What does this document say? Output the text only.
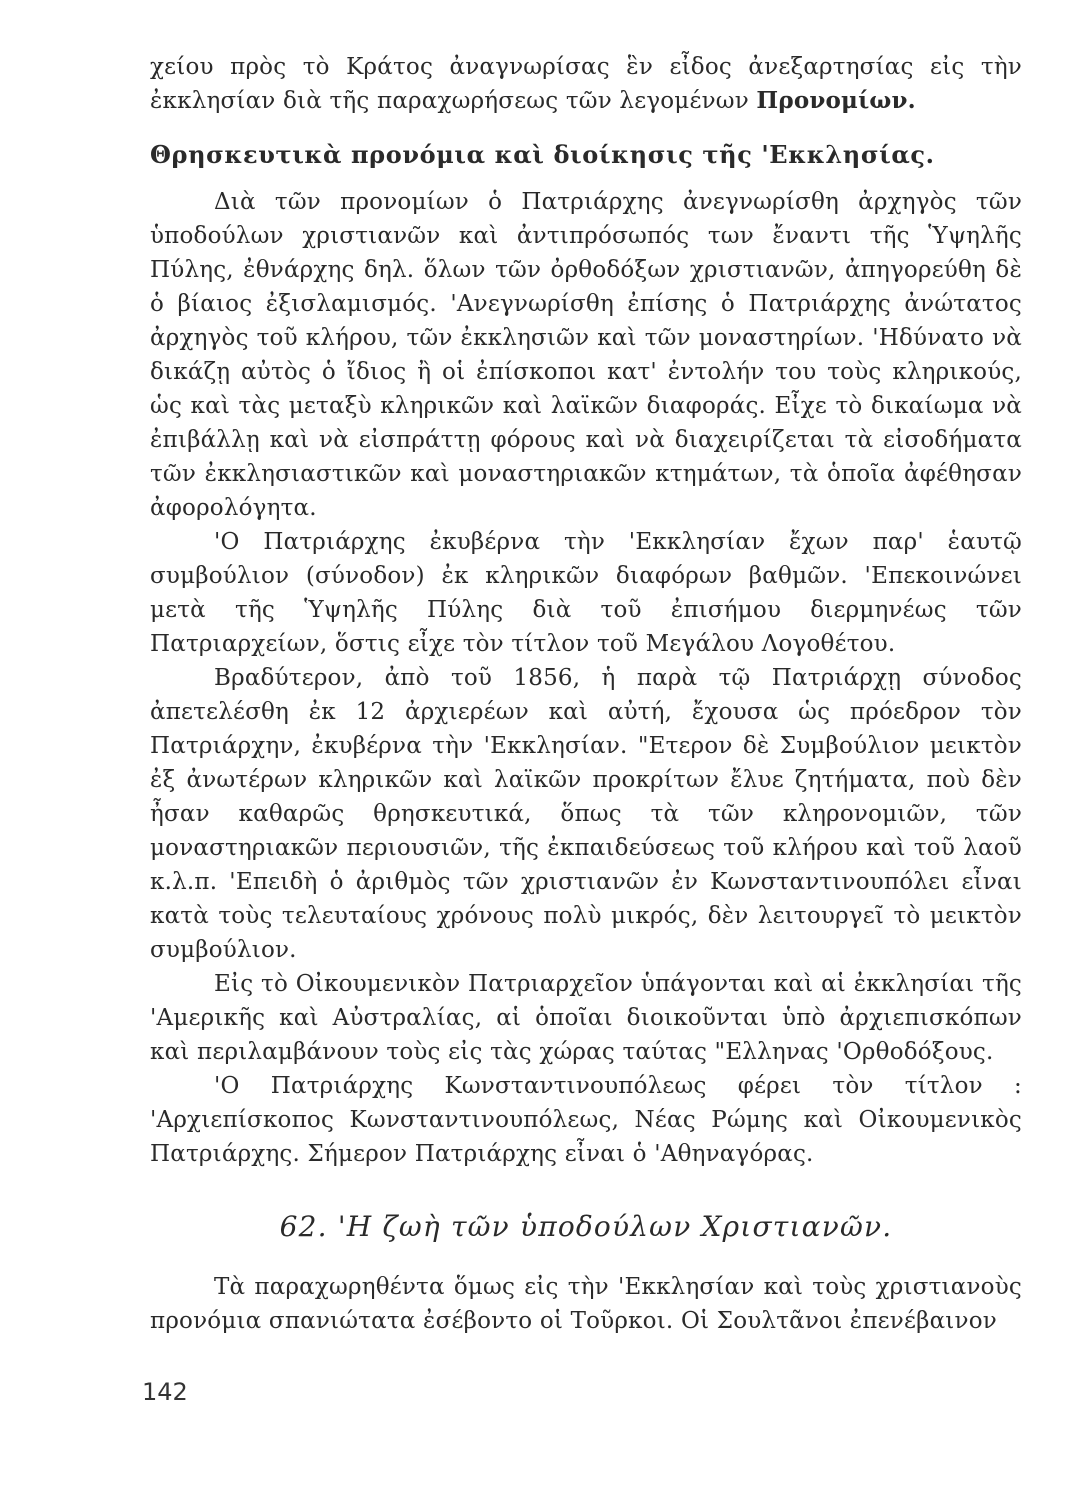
χείου πρὸς τὸ Κράτος ἀναγνωρίσας ἓν εἶδος ἀνεξαρτησίας εἰς τὴν ἐκκλησίαν διὰ τῆς παραχωρήσεως τῶν λεγομένων Προνομίων.

Θρησκευτικὰ προνόμια καὶ διοίκησις τῆς 'Εκκλησίας.

Διὰ τῶν προνομίων ὁ Πατριάρχης ἀνεγνωρίσθη ἀρχηγὸς τῶν ὑποδούλων χριστιανῶν καὶ ἀντιπρόσωπός των ἔναντι τῆς Ὑψηλῆς Πύλης, ἐθνάρχης δηλ. ὅλων τῶν ὀρθοδόξων χριστιανῶν, ἀπηγορεύθη δὲ ὁ βίαιος ἐξισλαμισμός. 'Ανεγνωρίσθη ἐπίσης ὁ Πατριάρχης ἀνώτατος ἀρχηγὸς τοῦ κλήρου, τῶν ἐκκλησιῶν καὶ τῶν μοναστηρίων. 'Ηδύνατο νὰ δικάζῃ αὐτὸς ὁ ἴδιος ἢ οἱ ἐπίσκοποι κατ' ἐντολήν του τοὺς κληρικούς, ὡς καὶ τὰς μεταξὺ κληρικῶν καὶ λαϊκῶν διαφοράς. Εἶχε τὸ δικαίωμα νὰ ἐπιβάλλῃ καὶ νὰ εἰσπράττῃ φόρους καὶ νὰ διαχειρίζεται τὰ εἰσοδήματα τῶν ἐκκλησιαστικῶν καὶ μοναστηριακῶν κτημάτων, τὰ ὁποῖα ἀφέθησαν ἀφορολόγητα.

'Ο Πατριάρχης ἐκυβέρνα τὴν 'Εκκλησίαν ἔχων παρ' ἑαυτῷ συμβούλιον (σύνοδον) ἐκ κληρικῶν διαφόρων βαθμῶν. 'Επεκοινώνει μετὰ τῆς Ὑψηλῆς Πύλης διὰ τοῦ ἐπισήμου διερμηνέως τῶν Πατριαρχείων, ὅστις εἶχε τὸν τίτλον τοῦ Μεγάλου Λογοθέτου.

Βραδύτερον, ἀπὸ τοῦ 1856, ἡ παρὰ τῷ Πατριάρχῃ σύνοδος ἀπετελέσθη ἐκ 12 ἀρχιερέων καὶ αὐτή, ἔχουσα ὡς πρόεδρον τὸν Πατριάρχην, ἐκυβέρνα τὴν 'Εκκλησίαν. "Ετερον δὲ Συμβούλιον μεικτὸν ἐξ ἀνωτέρων κληρικῶν καὶ λαϊκῶν προκρίτων ἔλυε ζητήματα, ποὺ δὲν ἦσαν καθαρῶς θρησκευτικά, ὅπως τὰ τῶν κληρονομιῶν, τῶν μοναστηριακῶν περιουσιῶν, τῆς ἐκπαιδεύσεως τοῦ κλήρου καὶ τοῦ λαοῦ κ.λ.π. 'Επειδὴ ὁ ἀριθμὸς τῶν χριστιανῶν ἐν Κωνσταντινουπόλει εἶναι κατὰ τοὺς τελευταίους χρόνους πολὺ μικρός, δὲν λειτουργεῖ τὸ μεικτὸν συμβούλιον.

Εἰς τὸ Οἰκουμενικὸν Πατριαρχεῖον ὑπάγονται καὶ αἱ ἐκκλησίαι τῆς 'Αμερικῆς καὶ Αὐστραλίας, αἱ ὁποῖαι διοικοῦνται ὑπὸ ἀρχιεπισκόπων καὶ περιλαμβάνουν τοὺς εἰς τὰς χώρας ταύτας "Ελληνας 'Ορθοδόξους.

'Ο Πατριάρχης Κωνσταντινουπόλεως φέρει τὸν τίτλον : 'Αρχιεπίσκοπος Κωνσταντινουπόλεως, Νέας Ρώμης καὶ Οἰκουμενικὸς Πατριάρχης. Σήμερον Πατριάρχης εἶναι ὁ 'Αθηναγόρας.

62. 'Η ζωὴ τῶν ὑποδούλων Χριστιανῶν.

Τὰ παραχωρηθέντα ὅμως εἰς τὴν 'Εκκλησίαν καὶ τοὺς χριστιανοὺς προνόμια σπανιώτατα ἐσέβοντο οἱ Τοῦρκοι. Οἱ Σουλτᾶνοι ἐπενέβαινον

142
